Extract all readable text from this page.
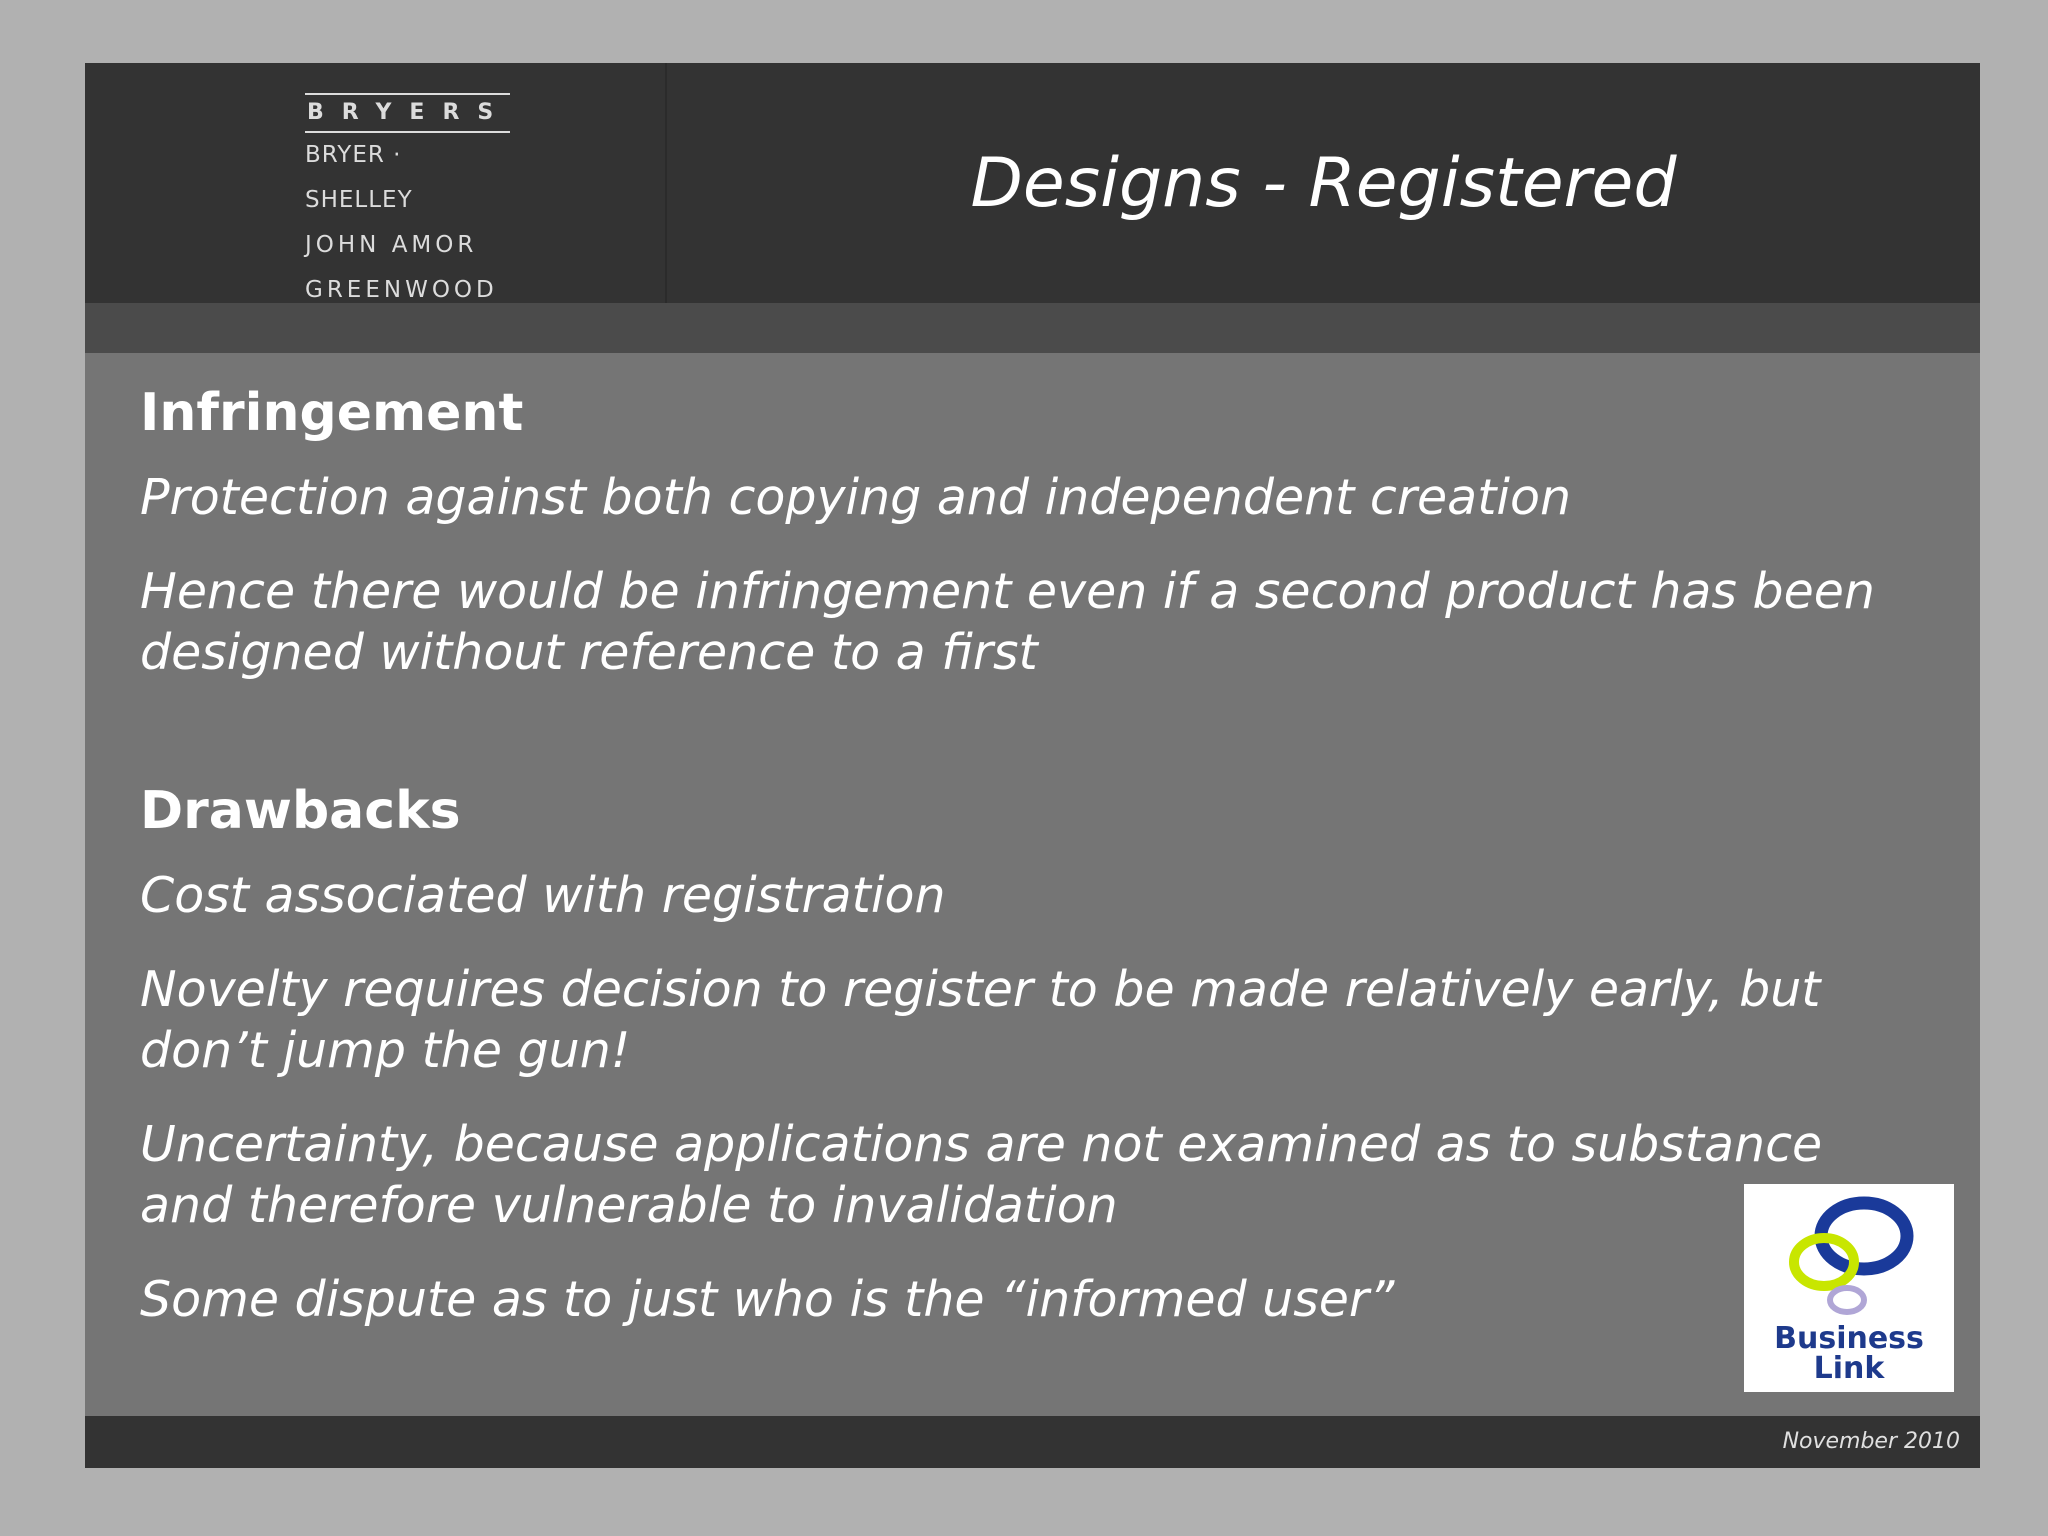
BRYERS
BRYER · SHELLEY
JOHN AMOR
GREENWOOD
Designs - Registered
Infringement
Protection against both copying and independent creation
Hence there would be infringement even if a second product has been designed without reference to a first
Drawbacks
Cost associated with registration
Novelty requires decision to register to be made relatively early, but don’t jump the gun!
Uncertainty, because applications are not examined as to substance and therefore vulnerable to invalidation
Some dispute as to just who is the “informed user”
Business
Link
November 2010
